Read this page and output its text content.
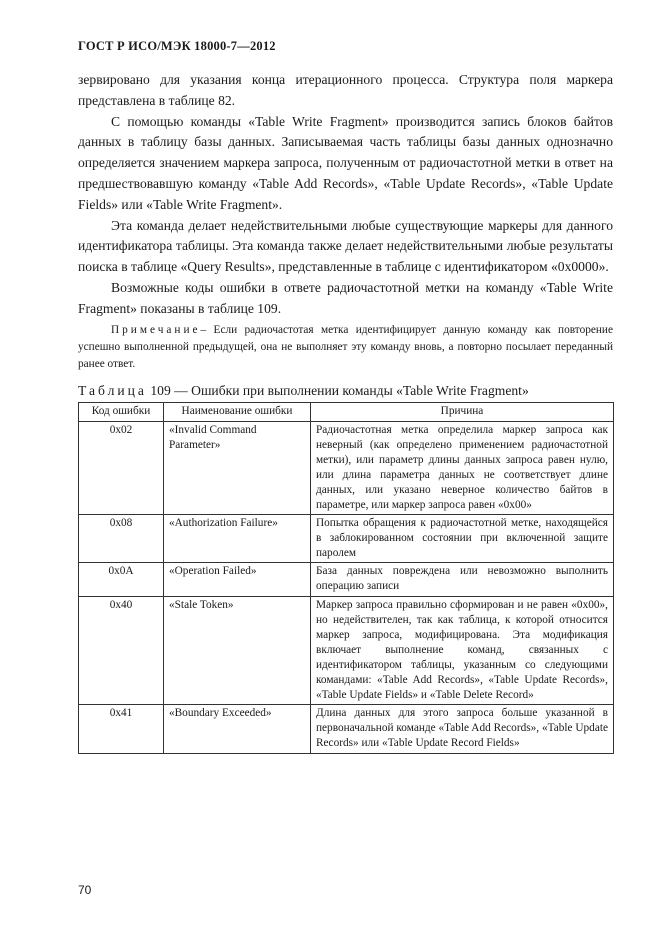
ГОСТ Р ИСО/МЭК 18000-7—2012

зервировано для указания конца итерационного процесса. Структура поля маркера представлена в таблице 82.

С помощью команды «Table Write Fragment» производится запись блоков байтов данных в таблицу базы данных. Записываемая часть таблицы базы данных однозначно определяется значением маркера запроса, полученным от радиочастотной метки в ответ на предшествовавшую команду «Table Add Records», «Table Update Records», «Table Update Fields» или «Table Write Fragment».

Эта команда делает недействительными любые существующие маркеры для данного идентификатора таблицы. Эта команда также делает недействительными любые результаты поиска в таблице «Query Results», представленные в таблице с идентификатором «0x0000».

Возможные коды ошибки в ответе радиочастотной метки на команду «Table Write Fragment» показаны в таблице 109.

Примечание– Если радиочастотая метка идентифицирует данную команду как повторение успешно выполненной предыдущей, она не выполняет эту команду вновь, а повторно посылает переданный ранее ответ.

Таблица 109 — Ошибки при выполнении команды «Table Write Fragment»
Код ошибки	Наименование ошибки	Причина
0x02	«Invalid Command Parameter»	Радиочастотная метка определила маркер запроса как неверный (как определено применением радиочастотной метки), или параметр длины данных запроса равен нулю, или длина параметра данных не соответствует длине данных, или указано неверное количество байтов в параметре, или маркер запроса равен «0x00»
0x08	«Authorization Failure»	Попытка обращения к радиочастотной метке, находящейся в заблокированном состоянии при включенной защите паролем
0x0A	«Operation Failed»	База данных повреждена или невозможно выполнить операцию записи
0x40	«Stale Token»	Маркер запроса правильно сформирован и не равен «0x00», но недействителен, так как таблица, к которой относится маркер запроса, модифицирована. Эта модификация включает выполнение команд, связанных с идентификатором таблицы, указанным со следующими командами: «Table Add Records», «Table Update Records», «Table Update Fields» и «Table Delete Record»
0x41	«Boundary Exceeded»	Длина данных для этого запроса больше указанной в первоначальной команде «Table Add Records», «Table Update Records» или «Table Update Record Fields»
70
